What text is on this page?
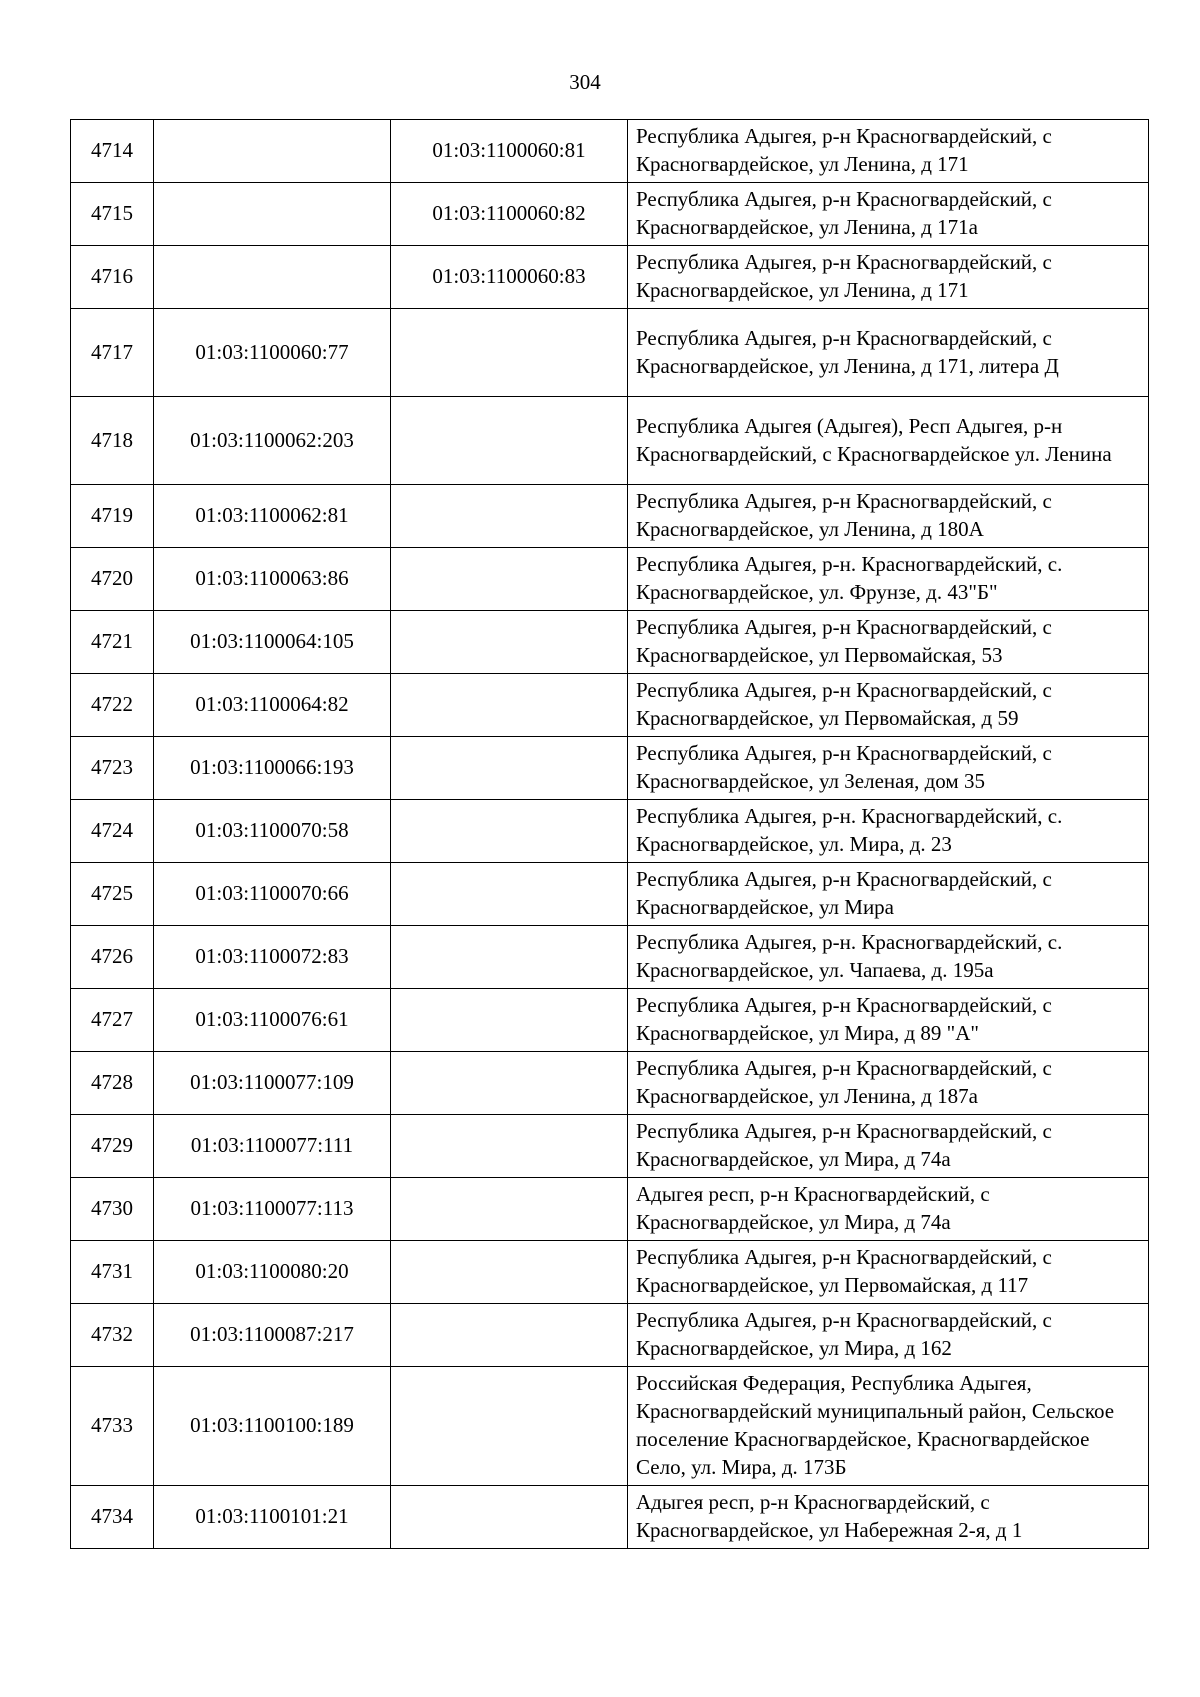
304
4714		01:03:1100060:81	Республика Адыгея, р-н Красногвардейский, с Красногвардейское, ул Ленина, д 171
4715		01:03:1100060:82	Республика Адыгея, р-н Красногвардейский, с Красногвардейское, ул Ленина, д 171а
4716		01:03:1100060:83	Республика Адыгея, р-н Красногвардейский, с Красногвардейское, ул Ленина, д 171
4717	01:03:1100060:77		Республика Адыгея, р-н Красногвардейский, с Красногвардейское, ул Ленина, д 171, литера Д
4718	01:03:1100062:203		Республика Адыгея (Адыгея), Респ Адыгея, р-н Красногвардейский, с Красногвардейское ул. Ленина
4719	01:03:1100062:81		Республика Адыгея, р-н Красногвардейский, с Красногвардейское, ул Ленина, д 180А
4720	01:03:1100063:86		Республика Адыгея, р-н. Красногвардейский, с. Красногвардейское, ул. Фрунзе, д. 43"Б"
4721	01:03:1100064:105		Республика Адыгея, р-н Красногвардейский, с Красногвардейское, ул Первомайская, 53
4722	01:03:1100064:82		Республика Адыгея, р-н Красногвардейский, с Красногвардейское, ул Первомайская, д 59
4723	01:03:1100066:193		Республика Адыгея, р-н Красногвардейский, с Красногвардейское, ул Зеленая, дом 35
4724	01:03:1100070:58		Республика Адыгея, р-н. Красногвардейский, с. Красногвардейское, ул. Мира, д. 23
4725	01:03:1100070:66		Республика Адыгея, р-н Красногвардейский, с Красногвардейское, ул Мира
4726	01:03:1100072:83		Республика Адыгея, р-н. Красногвардейский, с. Красногвардейское, ул. Чапаева, д. 195а
4727	01:03:1100076:61		Республика Адыгея, р-н Красногвардейский, с Красногвардейское, ул Мира, д 89 "А"
4728	01:03:1100077:109		Республика Адыгея, р-н Красногвардейский, с Красногвардейское, ул Ленина, д 187а
4729	01:03:1100077:111		Республика Адыгея, р-н Красногвардейский, с Красногвардейское, ул Мира, д 74а
4730	01:03:1100077:113		Адыгея респ, р-н Красногвардейский, с Красногвардейское, ул Мира, д 74а
4731	01:03:1100080:20		Республика Адыгея, р-н Красногвардейский, с Красногвардейское, ул Первомайская, д 117
4732	01:03:1100087:217		Республика Адыгея, р-н Красногвардейский, с Красногвардейское, ул Мира, д 162
4733	01:03:1100100:189		Российская Федерация, Республика Адыгея, Красногвардейский муниципальный район, Сельское поселение Красногвардейское, Красногвардейское Село, ул. Мира, д. 173Б
4734	01:03:1100101:21		Адыгея респ, р-н Красногвардейский, с Красногвардейское, ул Набережная 2-я, д 1
